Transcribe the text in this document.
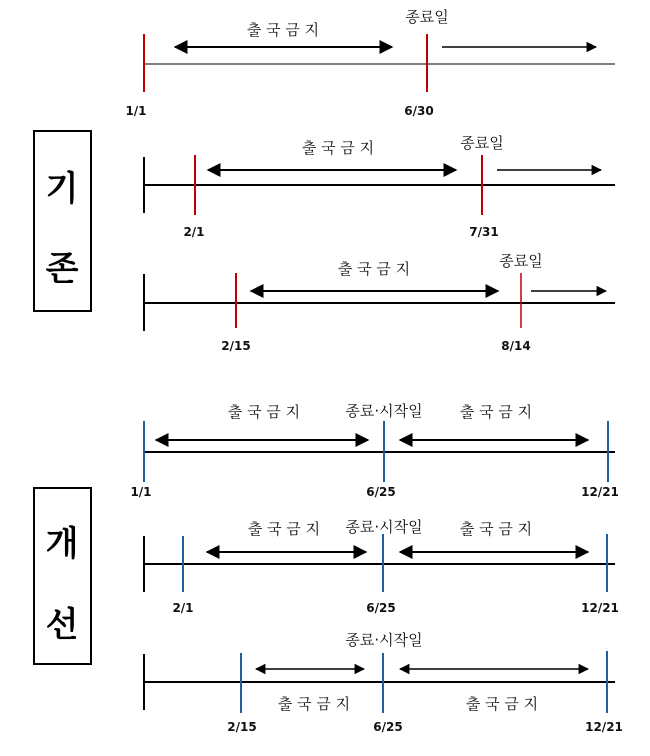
기
존
개
선
출 국 금 지
종료일
1/1	6/30
출 국 금 지	종료일
2/1	7/31
출 국 금 지	종료일
2/15	8/14
출 국 금 지	종료·시작일 출 국 금 지
1/1	6/25	12/21
출 국 금 지 종료·시작일 출 국 금 지
2/1	6/25	12/21
종료·시작일
출 국 금 지	출 국 금 지
2/15	6/25	12/21
